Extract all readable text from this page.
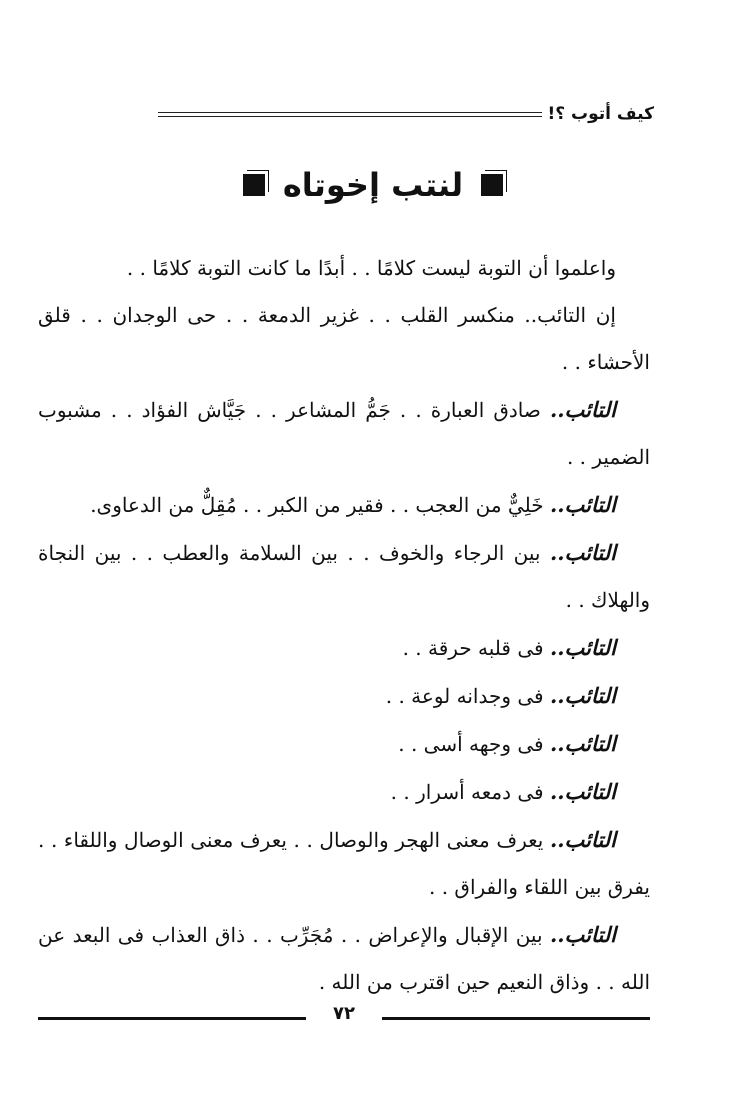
كيف أتوب ؟!
لنتب إخوتاه

واعلموا أن التوبة ليست كلامًا . . أبدًا ما كانت التوبة كلامًا . .

إن التائب.. منكسر القلب . . غزير الدمعة . . حى الوجدان . . قلق الأحشاء . .

التائب.. صادق العبارة . . جَمُّ المشاعر . . جَيَّاش الفؤاد . . مشبوب الضمير . .

التائب.. خَلِيٌّ من العجب . . فقير من الكبر . . مُقِلٌّ من الدعاوى.

التائب.. بين الرجاء والخوف . . بين السلامة والعطب . . بين النجاة والهلاك . .

التائب.. فى قلبه حرقة . .

التائب.. فى وجدانه لوعة . .

التائب.. فى وجهه أسى . .

التائب.. فى دمعه أسرار . .

التائب.. يعرف معنى الهجر والوصال . . يعرف معنى الوصال واللقاء . . يفرق بين اللقاء والفراق . .

التائب.. بين الإقبال والإعراض . . مُجَرِّب . . ذاق العذاب فى البعد عن الله . . وذاق النعيم حين اقترب من الله .

٧٢
